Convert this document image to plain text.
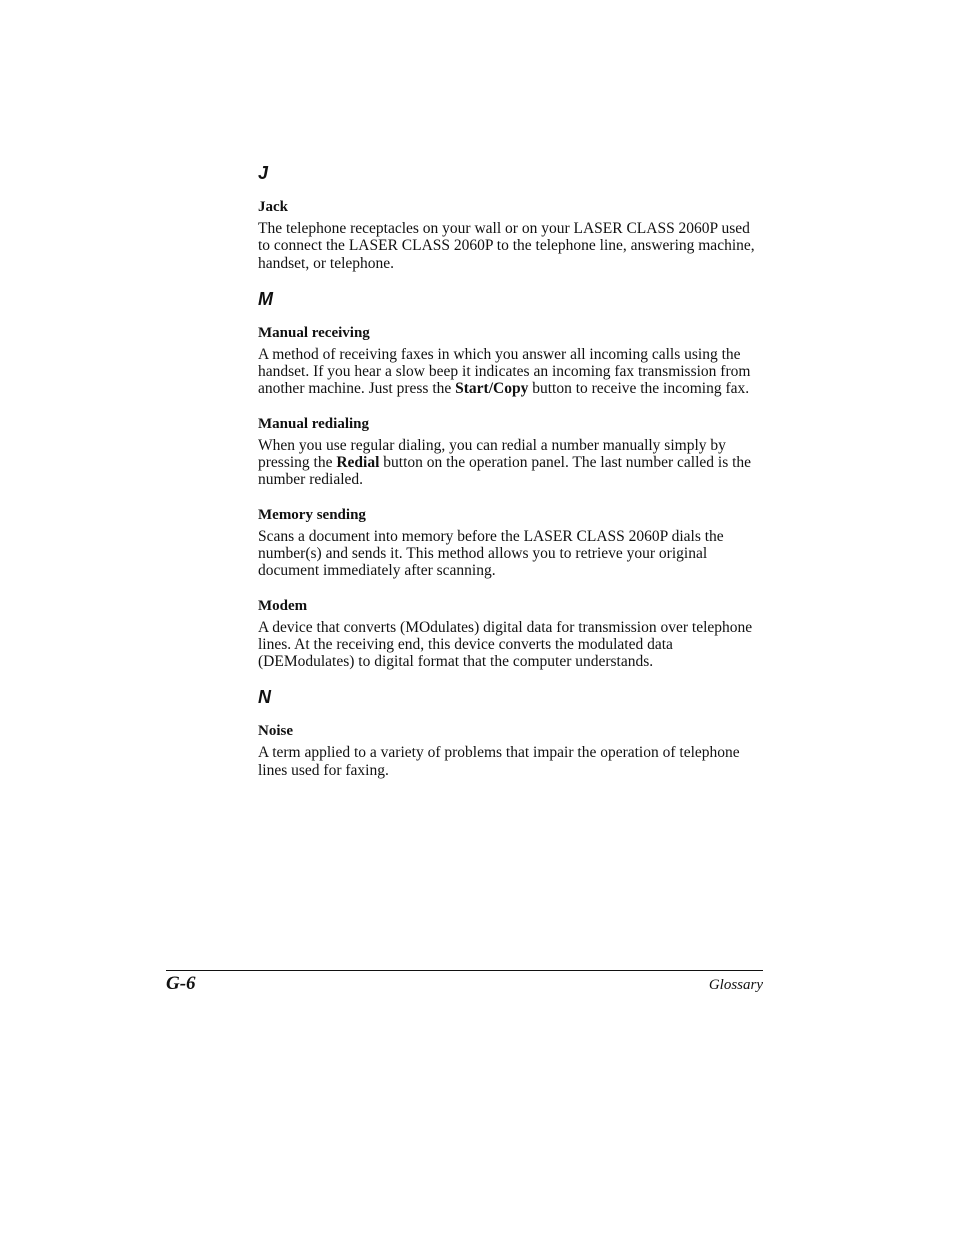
J
Jack

The telephone receptacles on your wall or on your LASER CLASS 2060P used to connect the LASER CLASS 2060P to the telephone line, answering machine, handset, or telephone.

M
Manual receiving

A method of receiving faxes in which you answer all incoming calls using the handset. If you hear a slow beep it indicates an incoming fax transmission from another machine. Just press the Start/Copy button to receive the incoming fax.

Manual redialing

When you use regular dialing, you can redial a number manually simply by pressing the Redial button on the operation panel. The last number called is the number redialed.

Memory sending

Scans a document into memory before the LASER CLASS 2060P dials the number(s) and sends it. This method allows you to retrieve your original document immediately after scanning.

Modem

A device that converts (MOdulates) digital data for transmission over telephone lines. At the receiving end, this device converts the modulated data (DEModulates) to digital format that the computer understands.

N
Noise

A term applied to a variety of problems that impair the operation of telephone lines used for faxing.

G-6	Glossary
